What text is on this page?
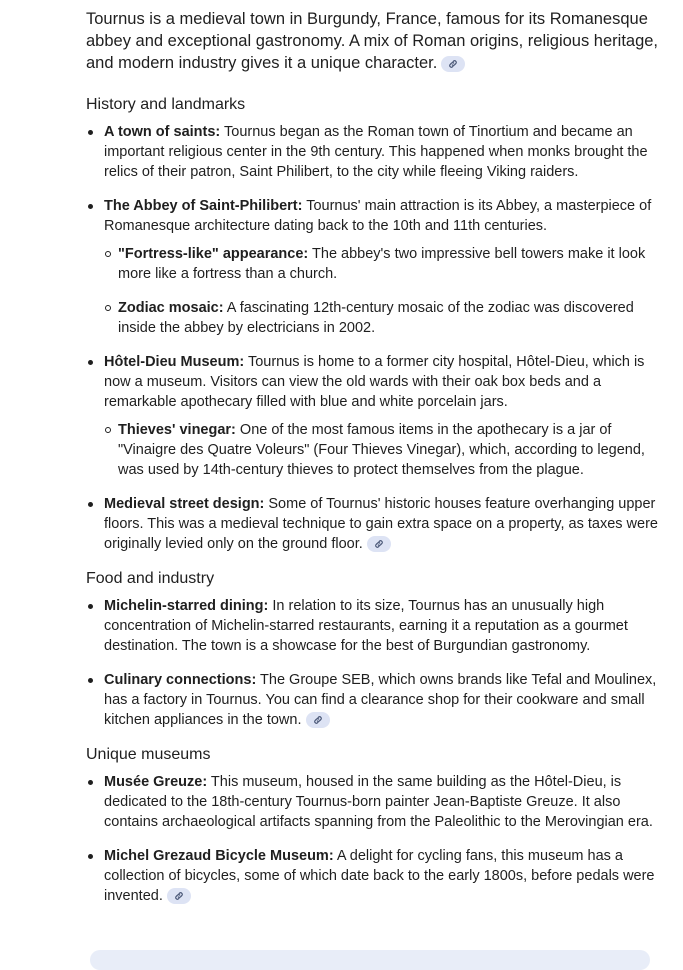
Tournus is a medieval town in Burgundy, France, famous for its Romanesque abbey and exceptional gastronomy. A mix of Roman origins, religious heritage, and modern industry gives it a unique character.

History and landmarks
A town of saints: Tournus began as the Roman town of Tinortium and became an important religious center in the 9th century. This happened when monks brought the relics of their patron, Saint Philibert, to the city while fleeing Viking raiders.
The Abbey of Saint-Philibert: Tournus' main attraction is its Abbey, a masterpiece of Romanesque architecture dating back to the 10th and 11th centuries.
"Fortress-like" appearance: The abbey's two impressive bell towers make it look more like a fortress than a church.
Zodiac mosaic: A fascinating 12th-century mosaic of the zodiac was discovered inside the abbey by electricians in 2002.
Hôtel-Dieu Museum: Tournus is home to a former city hospital, Hôtel-Dieu, which is now a museum. Visitors can view the old wards with their oak box beds and a remarkable apothecary filled with blue and white porcelain jars.
Thieves' vinegar: One of the most famous items in the apothecary is a jar of "Vinaigre des Quatre Voleurs" (Four Thieves Vinegar), which, according to legend, was used by 14th-century thieves to protect themselves from the plague.
Medieval street design: Some of Tournus' historic houses feature overhanging upper floors. This was a medieval technique to gain extra space on a property, as taxes were originally levied only on the ground floor.
Food and industry
Michelin-starred dining: In relation to its size, Tournus has an unusually high concentration of Michelin-starred restaurants, earning it a reputation as a gourmet destination. The town is a showcase for the best of Burgundian gastronomy.
Culinary connections: The Groupe SEB, which owns brands like Tefal and Moulinex, has a factory in Tournus. You can find a clearance shop for their cookware and small kitchen appliances in the town.
Unique museums
Musée Greuze: This museum, housed in the same building as the Hôtel-Dieu, is dedicated to the 18th-century Tournus-born painter Jean-Baptiste Greuze. It also contains archaeological artifacts spanning from the Paleolithic to the Merovingian era.
Michel Grezaud Bicycle Museum: A delight for cycling fans, this museum has a collection of bicycles, some of which date back to the early 1800s, before pedals were invented.
